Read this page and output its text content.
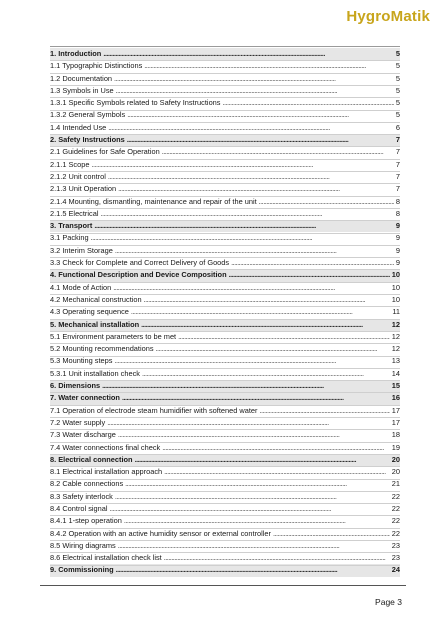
HygroMatik
1. Introduction . . .	5
1.1 Typographic Distinctions . . .	5
1.2 Documentation . . .	5
1.3 Symbols in Use . . .	5
1.3.1 Specific Symbols related to Safety Instructions . . .	5
1.3.2 General Symbols . . .	5
1.4 Intended Use . . .	6
2. Safety Instructions . . .	7
2.1 Guidelines for Safe Operation . . .	7
2.1.1 Scope . . .	7
2.1.2 Unit control . . .	7
2.1.3 Unit Operation . . .	7
2.1.4 Mounting, dismantling, maintenance and repair of the unit . . .	8
2.1.5 Electrical . . .	8
3. Transport . . .	9
3.1 Packing . . .	9
3.2 Interim Storage . . .	9
3.3 Check for Complete and Correct Delivery of Goods . . .	9
4. Functional Description and Device Composition . . .	10
4.1 Mode of Action . . .	10
4.2 Mechanical construction . . .	10
4.3 Operating sequence . . .	11
5. Mechanical installation . . .	12
5.1 Environment parameters to be met . . .	12
5.2 Mounting recommendations . . .	12
5.3 Mounting steps . . .	13
5.3.1 Unit installation check . . .	14
6. Dimensions . . .	15
7. Water connection . . .	16
7.1 Operation of electrode steam humidifier with softened water . . .	17
7.2 Water supply . . .	17
7.3 Water discharge . . .	18
7.4 Water connections final check . . .	19
8. Electrical connection . . .	20
8.1 Electrical installation approach . . .	20
8.2 Cable connections . . .	21
8.3 Safety interlock . . .	22
8.4 Control signal . . .	22
8.4.1 1-step operation . . .	22
8.4.2 Operation with an active humidity sensor or external controller . . .	22
8.5 Wiring diagrams . . .	23
8.6 Electrical installation check list . . .	23
9. Commissioning . . .	24
Page 3
